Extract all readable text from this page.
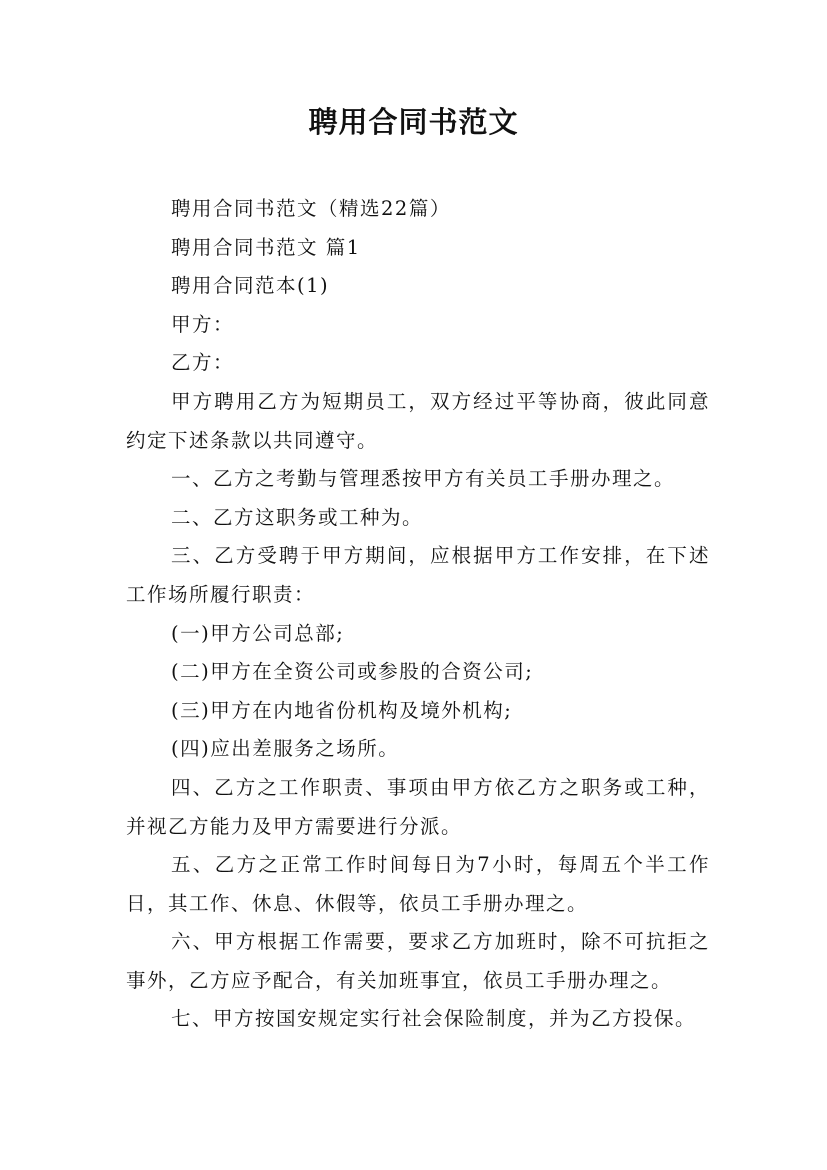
聘用合同书范文

聘用合同书范文（精选22篇）

聘用合同书范文 篇1

聘用合同范本(1)

甲方：

乙方：

甲方聘用乙方为短期员工，双方经过平等协商，彼此同意约定下述条款以共同遵守。

一、乙方之考勤与管理悉按甲方有关员工手册办理之。

二、乙方这职务或工种为。

三、乙方受聘于甲方期间，应根据甲方工作安排，在下述工作场所履行职责：

(一)甲方公司总部;

(二)甲方在全资公司或参股的合资公司;

(三)甲方在内地省份机构及境外机构;

(四)应出差服务之场所。

四、乙方之工作职责、事项由甲方依乙方之职务或工种，并视乙方能力及甲方需要进行分派。

五、乙方之正常工作时间每日为7小时，每周五个半工作日，其工作、休息、休假等，依员工手册办理之。

六、甲方根据工作需要，要求乙方加班时，除不可抗拒之事外，乙方应予配合，有关加班事宜，依员工手册办理之。

七、甲方按国安规定实行社会保险制度，并为乙方投保。
